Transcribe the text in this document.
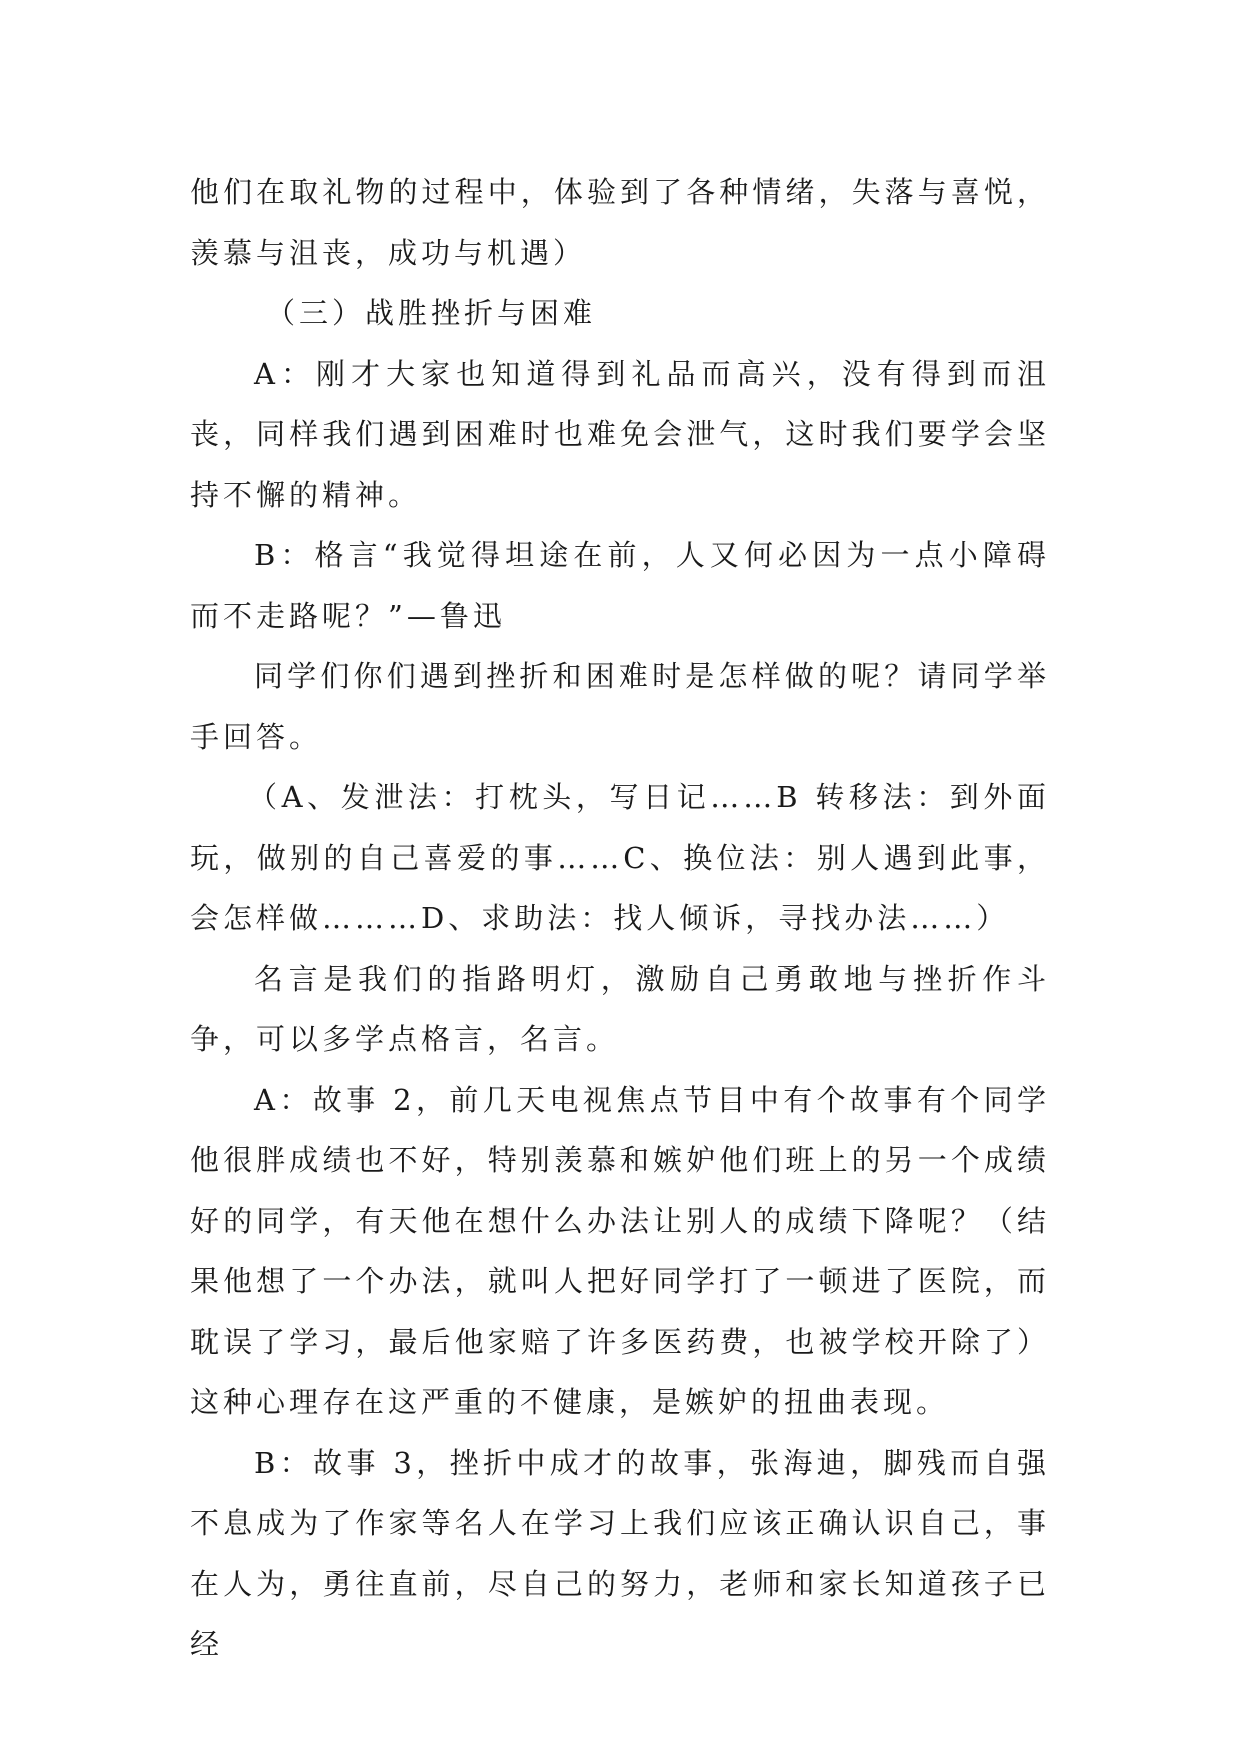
他们在取礼物的过程中，体验到了各种情绪，失落与喜悦，羡慕与沮丧，成功与机遇）

（三）战胜挫折与困难

A：刚才大家也知道得到礼品而高兴，没有得到而沮丧，同样我们遇到困难时也难免会泄气，这时我们要学会坚持不懈的精神。

B：格言“我觉得坦途在前，人又何必因为一点小障碍而不走路呢？”—鲁迅

同学们你们遇到挫折和困难时是怎样做的呢？请同学举手回答。

（A、发泄法：打枕头，写日记……B 转移法：到外面玩，做别的自己喜爱的事……C、换位法：别人遇到此事，会怎样做………D、求助法：找人倾诉，寻找办法……）

名言是我们的指路明灯，激励自己勇敢地与挫折作斗争，可以多学点格言，名言。

A：故事 2，前几天电视焦点节目中有个故事有个同学他很胖成绩也不好，特别羡慕和嫉妒他们班上的另一个成绩好的同学，有天他在想什么办法让别人的成绩下降呢？（结果他想了一个办法，就叫人把好同学打了一顿进了医院，而耽误了学习，最后他家赔了许多医药费，也被学校开除了）这种心理存在这严重的不健康，是嫉妒的扭曲表现。

B：故事 3，挫折中成才的故事，张海迪，脚残而自强不息成为了作家等名人在学习上我们应该正确认识自己，事在人为，勇往直前，尽自己的努力，老师和家长知道孩子已经
